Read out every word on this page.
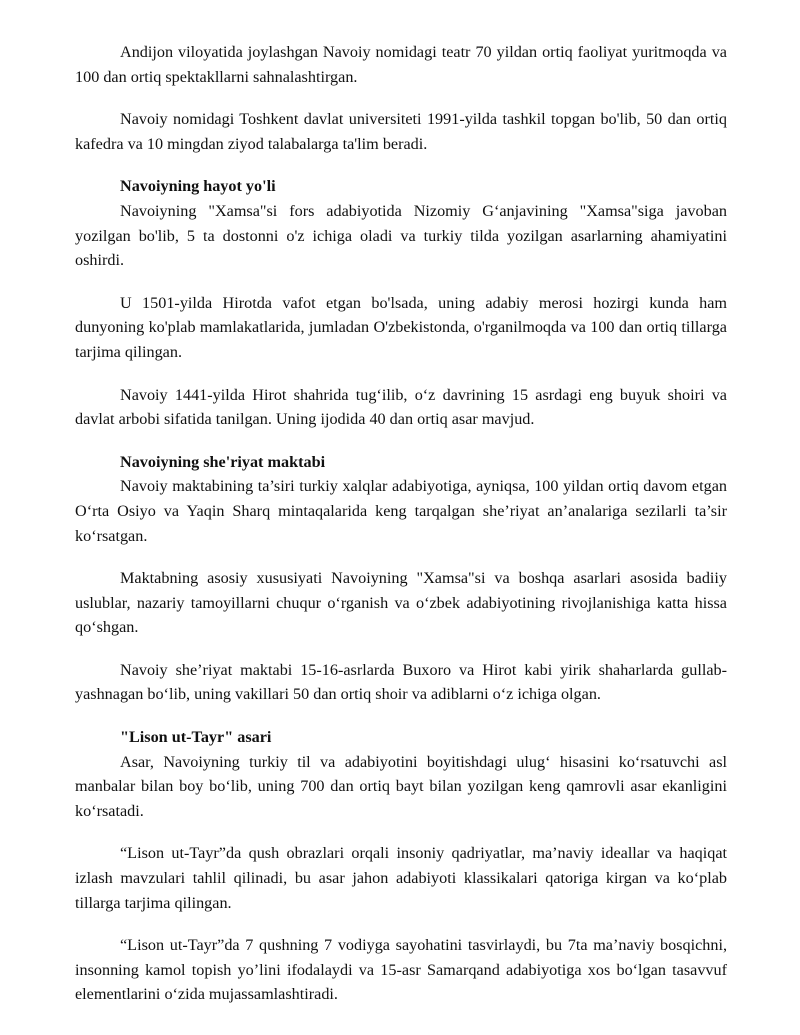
Andijon viloyatida joylashgan Navoiy nomidagi teatr 70 yildan ortiq faoliyat yuritmoqda va 100 dan ortiq spektakllarni sahnalashtirgan.

Navoiy nomidagi Toshkent davlat universiteti 1991-yilda tashkil topgan bo'lib, 50 dan ortiq kafedra va 10 mingdan ziyod talabalarga ta'lim beradi.

Navoiyning hayot yo'li

Navoiyning "Xamsa"si fors adabiyotida Nizomiy G‘anjavining "Xamsa"siga javoban yozilgan bo'lib, 5 ta dostonni o'z ichiga oladi va turkiy tilda yozilgan asarlarning ahamiyatini oshirdi.

U 1501-yilda Hirotda vafot etgan bo'lsada, uning adabiy merosi hozirgi kunda ham dunyoning ko'plab mamlakatlarida, jumladan O'zbekistonda, o'rganilmoqda va 100 dan ortiq tillarga tarjima qilingan.

Navoiy 1441-yilda Hirot shahrida tug‘ilib, o‘z davrining 15 asrdagi eng buyuk shoiri va davlat arbobi sifatida tanilgan. Uning ijodida 40 dan ortiq asar mavjud.

Navoiyning she'riyat maktabi

Navoiy maktabining ta’siri turkiy xalqlar adabiyotiga, ayniqsa, 100 yildan ortiq davom etgan O‘rta Osiyo va Yaqin Sharq mintaqalarida keng tarqalgan she’riyat an’analariga sezilarli ta’sir ko‘rsatgan.

Maktabning asosiy xususiyati Navoiyning "Xamsa"si va boshqa asarlari asosida badiiy uslublar, nazariy tamoyillarni chuqur o‘rganish va o‘zbek adabiyotining rivojlanishiga katta hissa qo‘shgan.

Navoiy she’riyat maktabi 15-16-asrlarda Buxoro va Hirot kabi yirik shaharlarda gullab-yashnagan bo‘lib, uning vakillari 50 dan ortiq shoir va adiblarni o‘z ichiga olgan.

"Lison ut-Tayr" asari

Asar, Navoiyning turkiy til va adabiyotini boyitishdagi ulug‘ hisasini ko‘rsatuvchi asl manbalar bilan boy bo‘lib, uning 700 dan ortiq bayt bilan yozilgan keng qamrovli asar ekanligini ko‘rsatadi.

“Lison ut-Tayr”da qush obrazlari orqali insoniy qadriyatlar, ma’naviy ideallar va haqiqat izlash mavzulari tahlil qilinadi, bu asar jahon adabiyoti klassikalari qatoriga kirgan va ko‘plab tillarga tarjima qilingan.

“Lison ut-Tayr”da 7 qushning 7 vodiyga sayohatini tasvirlaydi, bu 7ta ma’naviy bosqichni, insonning kamol topish yo’lini ifodalaydi va 15-asr Samarqand adabiyotiga xos bo‘lgan tasavvuf elementlarini o‘zida mujassamlashtiradi.
